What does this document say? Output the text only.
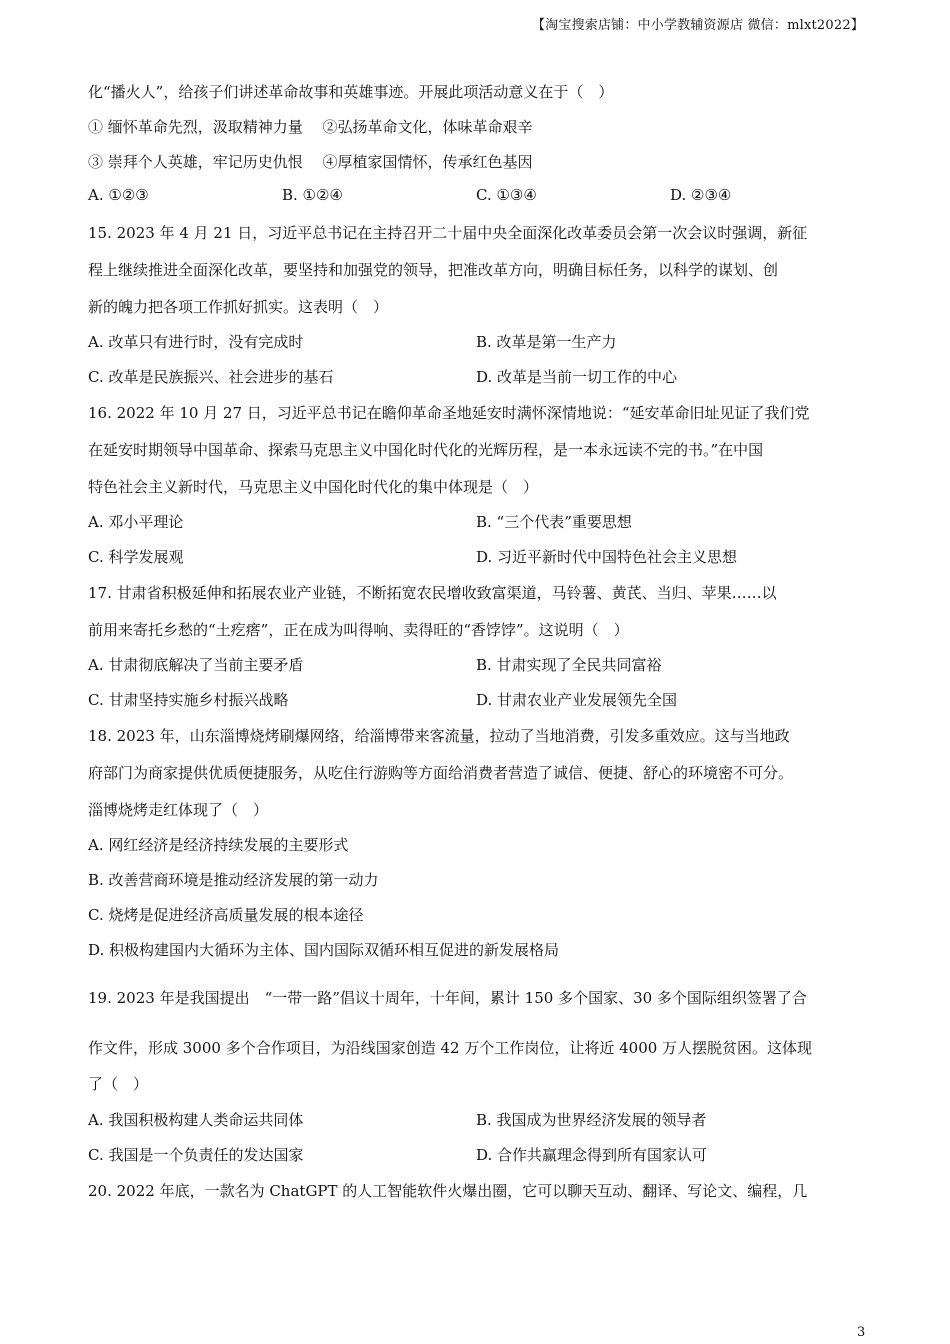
【淘宝搜索店铺：中小学教辅资源店 微信：mlxt2022】
化“播火人”，给孩子们讲述革命故事和英雄事迹。开展此项活动意义在于（　）
① 缅怀革命先烈，汲取精神力量　 ②弘扬革命文化，体味革命艰辛
③ 崇拜个人英雄，牢记历史仇恨　 ④厚植家国情怀，传承红色基因
A. ①②③	B. ①②④	C. ①③④	D. ②③④
15. 2023 年 4 月 21 日，习近平总书记在主持召开二十届中央全面深化改革委员会第一次会议时强调，新征
程上继续推进全面深化改革，要坚持和加强党的领导，把准改革方向，明确目标任务，以科学的谋划、创
新的魄力把各项工作抓好抓实。这表明（　）
A. 改革只有进行时，没有完成时	B. 改革是第一生产力
C. 改革是民族振兴、社会进步的基石	D. 改革是当前一切工作的中心
16. 2022 年 10 月 27 日，习近平总书记在瞻仰革命圣地延安时满怀深情地说：“延安革命旧址见证了我们党
在延安时期领导中国革命、探索马克思主义中国化时代化的光辉历程，是一本永远读不完的书。”在中国
特色社会主义新时代，马克思主义中国化时代化的集中体现是（　）
A. 邓小平理论	B. “三个代表”重要思想
C. 科学发展观	D. 习近平新时代中国特色社会主义思想
17. 甘肃省积极延伸和拓展农业产业链，不断拓宽农民增收致富渠道，马铃薯、黄芪、当归、苹果……以
前用来寄托乡愁的“土疙瘩”，正在成为叫得响、卖得旺的“香饽饽”。这说明（　）
A. 甘肃彻底解决了当前主要矛盾	B. 甘肃实现了全民共同富裕
C. 甘肃坚持实施乡村振兴战略	D. 甘肃农业产业发展领先全国
18. 2023 年，山东淄博烧烤刷爆网络，给淄博带来客流量，拉动了当地消费，引发多重效应。这与当地政
府部门为商家提供优质便捷服务，从吃住行游购等方面给消费者营造了诚信、便捷、舒心的环境密不可分。
淄博烧烤走红体现了（　）
A. 网红经济是经济持续发展的主要形式
B. 改善营商环境是推动经济发展的第一动力
C. 烧烤是促进经济高质量发展的根本途径
D. 积极构建国内大循环为主体、国内国际双循环相互促进的新发展格局
19. 2023 年是我国提出　“一带一路”倡议十周年，十年间，累计 150 多个国家、30 多个国际组织签署了合
作文件，形成 3000 多个合作项目，为沿线国家创造 42 万个工作岗位，让将近 4000 万人摆脱贫困。这体现
了（　）
A. 我国积极构建人类命运共同体	B. 我国成为世界经济发展的领导者
C. 我国是一个负责任的发达国家	D. 合作共赢理念得到所有国家认可
20. 2022 年底，一款名为 ChatGPT 的人工智能软件火爆出圈，它可以聊天互动、翻译、写论文、编程，几
3
